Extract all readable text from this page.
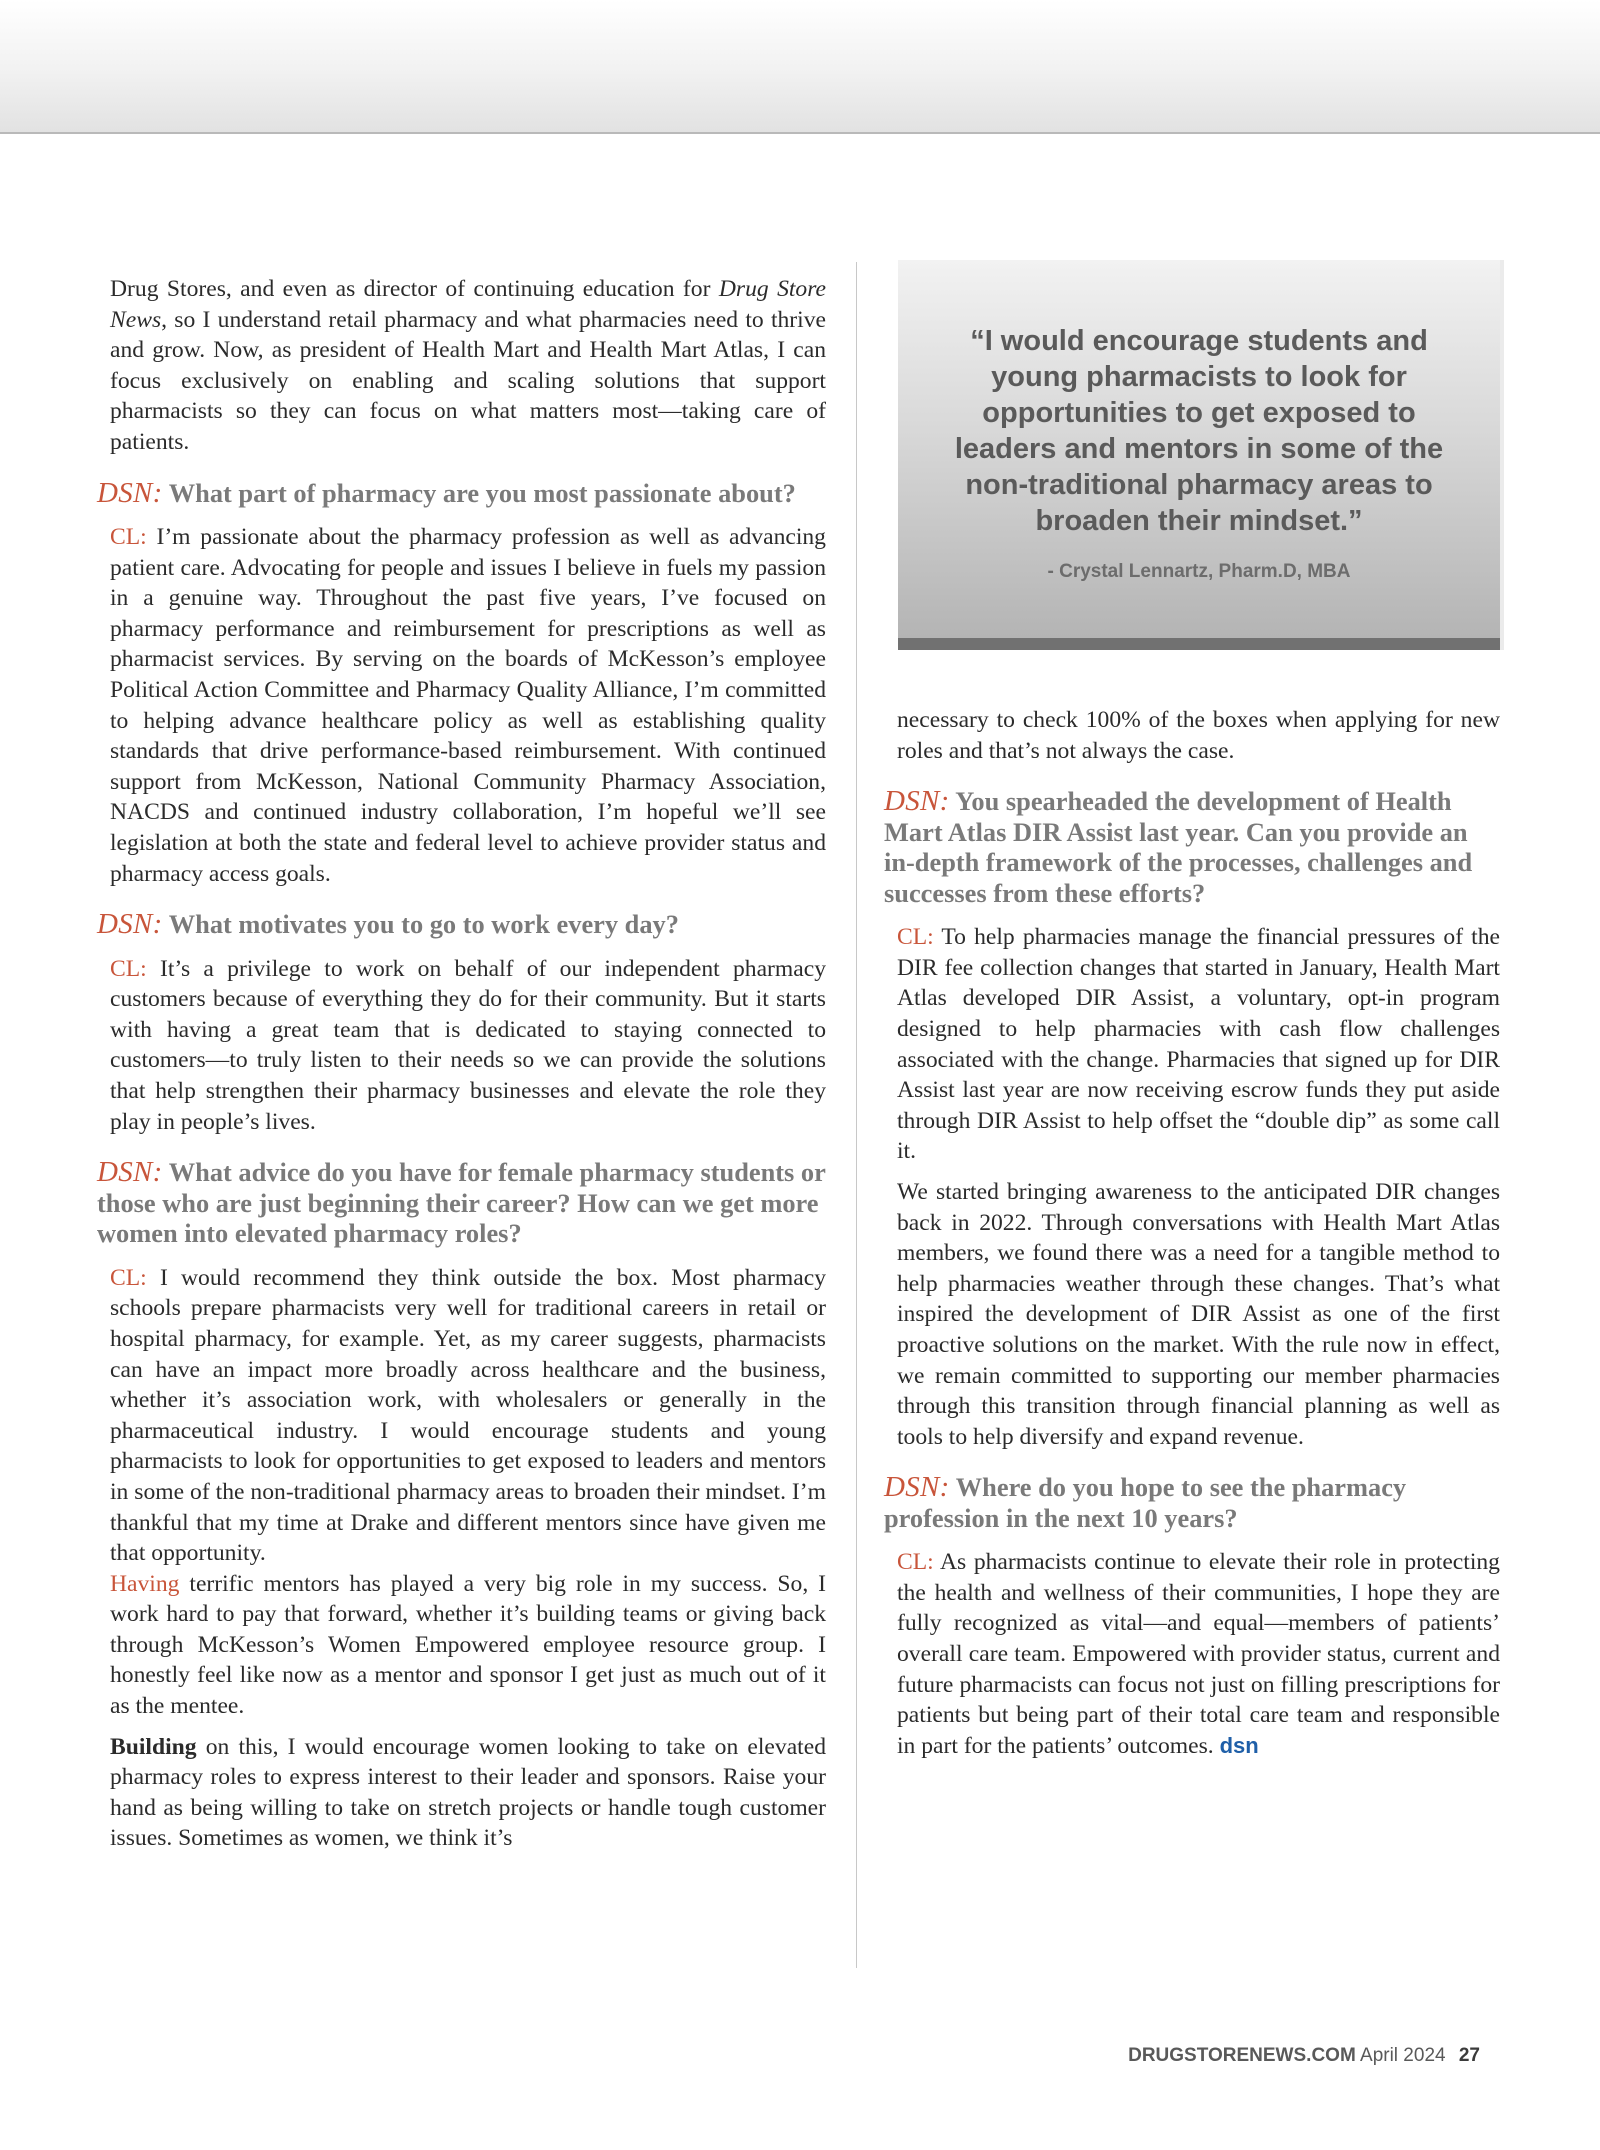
Drug Stores, and even as director of continuing education for Drug Store News, so I understand retail pharmacy and what pharmacies need to thrive and grow. Now, as president of Health Mart and Health Mart Atlas, I can focus exclusively on enabling and scaling solutions that support pharmacists so they can focus on what matters most—taking care of patients.

DSN: What part of pharmacy are you most passionate about?

CL: I’m passionate about the pharmacy profession as well as advancing patient care. Advocating for people and issues I believe in fuels my passion in a genuine way. Throughout the past five years, I’ve focused on pharmacy performance and reimbursement for prescriptions as well as pharmacist services. By serving on the boards of McKesson’s employee Political Action Committee and Pharmacy Quality Alliance, I’m committed to helping advance healthcare policy as well as establishing quality standards that drive performance-based reimbursement. With continued support from McKesson, National Community Pharmacy Association, NACDS and continued industry collaboration, I’m hopeful we’ll see legislation at both the state and federal level to achieve provider status and pharmacy access goals.

DSN: What motivates you to go to work every day?

CL: It’s a privilege to work on behalf of our independent pharmacy customers because of everything they do for their community. But it starts with having a great team that is dedicated to staying connected to customers—to truly listen to their needs so we can provide the solutions that help strengthen their pharmacy businesses and elevate the role they play in people’s lives.

DSN: What advice do you have for female pharmacy students or those who are just beginning their career? How can we get more women into elevated pharmacy roles?

CL: I would recommend they think outside the box. Most pharmacy schools prepare pharmacists very well for traditional careers in retail or hospital pharmacy, for example. Yet, as my career suggests, pharmacists can have an impact more broadly across healthcare and the business, whether it’s association work, with wholesalers or generally in the pharmaceutical industry. I would encourage students and young pharmacists to look for opportunities to get exposed to leaders and mentors in some of the non-traditional pharmacy areas to broaden their mindset. I’m thankful that my time at Drake and different mentors since have given me that opportunity.

Having terrific mentors has played a very big role in my success. So, I work hard to pay that forward, whether it’s building teams or giving back through McKesson’s Women Empowered employee resource group. I honestly feel like now as a mentor and sponsor I get just as much out of it as the mentee.

Building on this, I would encourage women looking to take on elevated pharmacy roles to express interest to their leader and sponsors. Raise your hand as being willing to take on stretch projects or handle tough customer issues. Sometimes as women, we think it’s

“I would encourage students and young pharmacists to look for opportunities to get exposed to leaders and mentors in some of the non-traditional pharmacy areas to broaden their mindset.”
- Crystal Lennartz, Pharm.D, MBA

necessary to check 100% of the boxes when applying for new roles and that’s not always the case.

DSN: You spearheaded the development of Health Mart Atlas DIR Assist last year. Can you provide an in-depth framework of the processes, challenges and successes from these efforts?

CL: To help pharmacies manage the financial pressures of the DIR fee collection changes that started in January, Health Mart Atlas developed DIR Assist, a voluntary, opt-in program designed to help pharmacies with cash flow challenges associated with the change. Pharmacies that signed up for DIR Assist last year are now receiving escrow funds they put aside through DIR Assist to help offset the “double dip” as some call it.

We started bringing awareness to the anticipated DIR changes back in 2022. Through conversations with Health Mart Atlas members, we found there was a need for a tangible method to help pharmacies weather through these changes. That’s what inspired the development of DIR Assist as one of the first proactive solutions on the market. With the rule now in effect, we remain committed to supporting our member pharmacies through this transition through financial planning as well as tools to help diversify and expand revenue.

DSN: Where do you hope to see the pharmacy profession in the next 10 years?

CL: As pharmacists continue to elevate their role in protecting the health and wellness of their communities, I hope they are fully recognized as vital—and equal—members of patients’ overall care team. Empowered with provider status, current and future pharmacists can focus not just on filling prescriptions for patients but being part of their total care team and responsible in part for the patients’ outcomes. dsn

DRUGSTORENEWS.COM April 2024 27
